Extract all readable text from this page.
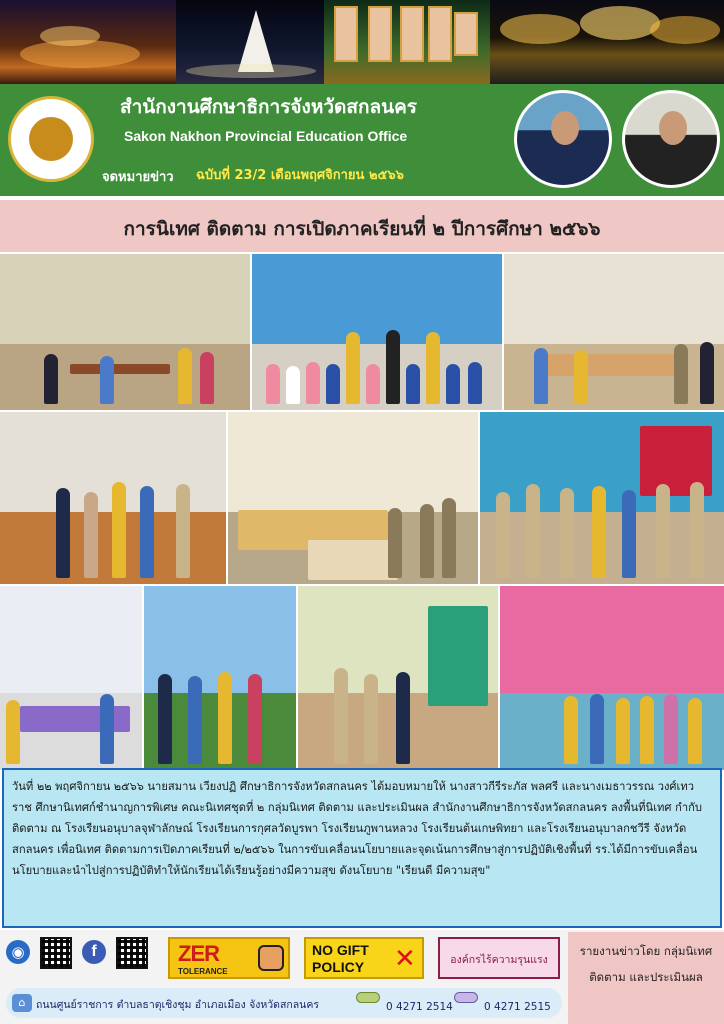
สำนักงานศึกษาธิการจังหวัดสกลนคร
Sakon Nakhon Provincial Education Office
จดหมายข่าว ฉบับที่ 23/2 เดือนพฤศจิกายน ๒๕๖๖
การนิเทศ ติดตาม การเปิดภาคเรียนที่ ๒ ปีการศึกษา ๒๕๖๖

วันที่ ๒๒ พฤศจิกายน ๒๕๖๖ นายสมาน เวียงปฏิ ศึกษาธิการจังหวัดสกลนคร ได้มอบหมายให้ นางสาวกีรีระภัส พลศรี และนางเมธาวรรณ วงศ์เทวราช ศึกษานิเทศก์ชำนาญการพิเศษ คณะนิเทศชุดที่ ๒ กลุ่มนิเทศ ติดตาม และประเมินผล สำนักงานศึกษาธิการจังหวัดสกลนคร ลงพื้นที่นิเทศ กำกับ ติดตาม ณ โรงเรียนอนุบาลจุฬาลักษณ์ โรงเรียนการกุศลวัดบูรพา โรงเรียนภูพานหลวง โรงเรียนต้นเกษพิทยา และโรงเรียนอนุบาลกชวีรี จังหวัดสกลนคร เพื่อนิเทศ ติดตามการเปิดภาคเรียนที่ ๒/๒๕๖๖ ในการขับเคลื่อนนโยบายและจุดเน้นการศึกษาสู่การปฏิบัติเชิงพื้นที่ รร.ได้มีการขับเคลื่อนนโยบายและนำไปสู่การปฏิบัติทำให้นักเรียนได้เรียนรู้อย่างมีความสุข ดังนโยบาย "เรียนดี มีความสุข"

◉	f	ZER
TOLERANCE
NO GIFT POLICY	✕	องค์กรไร้ความรุนแรง
⌂	ถนนศูนย์ราชการ ตำบลธาตุเชิงชุม อำเภอเมือง จังหวัดสกลนคร	0 4271 2514	0 4271 2515
รายงานข่าวโดย กลุ่มนิเทศ ติดตาม และประเมินผล
